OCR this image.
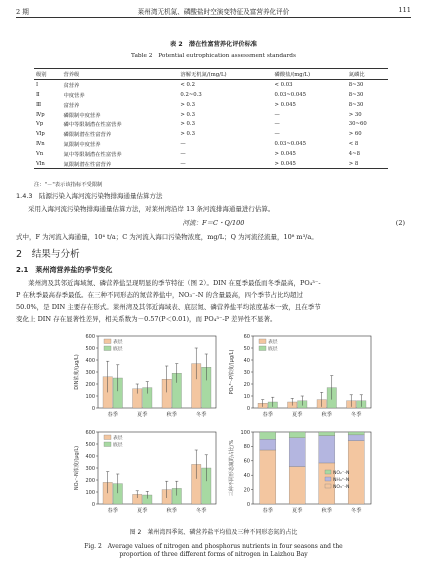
2 期	莱州湾无机氮、磷酸盐时空演变特征及富营养化评价	111
表 2　潜在性富营养化评价标准
Table 2　Potential eutrophication assessment standards
级别	营养级	溶解无机氮/(mg/L)	磷酸盐/(mg/L)	氮磷比
Ⅰ	贫营养	< 0.2	< 0.03	8~30
Ⅱ	中度营养	0.2~0.3	0.03~0.045	8~30
Ⅲ	富营养	> 0.3	> 0.045	8~30
Ⅳp	磷限制中度营养	> 0.3	—	> 30
Vp	磷中等限制潜在性富营养	> 0.3	—	30~60
Ⅵp	磷限制潜在性富营养	> 0.3	—	> 60
Ⅳn	氮限制中度营养	—	0.03~0.045	< 8
Vn	氮中等限制潜在性富营养	—	> 0.045	4~8
Ⅵn	氮限制潜在性富营养	—	> 0.045	> 8
注："－"表示该指标不受限制
1.4.3　陆源污染入海河流污染物排海通量估算方法
采用入海河流污染物排海通量估算方法，对莱州湾沿岸 13 条河流排海通量进行估算。
河流：F＝C・Q/100	(2)
式中，F 为河流入海通量，10⁴ t/a；C 为河流入海口污染物浓度，mg/L；Q 为河流径流量，10⁸ m³/a。
2　结果与分析
2.1　莱州湾营养盐的季节变化
莱州湾及其邻近海域氮、磷营养盐呈现明显的季节特征（图 2）。DIN 在夏季最低而冬季最高，PO₄³⁻-
P 在秋季最高春季最低。在三种不同形态的氮营养盐中，NO₃⁻-N 的含量最高，四个季节占比均超过
50.0%，是 DIN 主要存在形式。莱州湾及其邻近海域表、底层氮、磷营养盐平均浓度基本一致，且在季节
变化上 DIN 存在显著性差异，相关系数为－0.57(P＜0.01)，而 PO₄³⁻-P 差异性不显著。
0
100
200
300
400
500
600
DIN浓度/(μg/L)
春季	夏季	秋季	冬季
表层
底层
0
10
20
30
40
50
60
PO₄³⁻-P浓度/(μg/L)
春季	夏季	秋季	冬季
表层
底层
0
100
200
300
400
500
600
NO₃⁻-N浓度/(μg/L)
春季	夏季	秋季	冬季
表层
底层
0
20
40
60
80
100
三种不同形态氮的占比/%
春季	夏季	秋季	冬季
NO₂⁻-N
NH₄⁺-N
NO₃⁻-N
图 2　莱州湾四季氮、磷营养盐平均值及三种不同形态氮的占比
Fig. 2　Average values of nitrogen and phosphorus nutrients in four seasons and the
proportion of three different forms of nitrogen in Laizhou Bay
